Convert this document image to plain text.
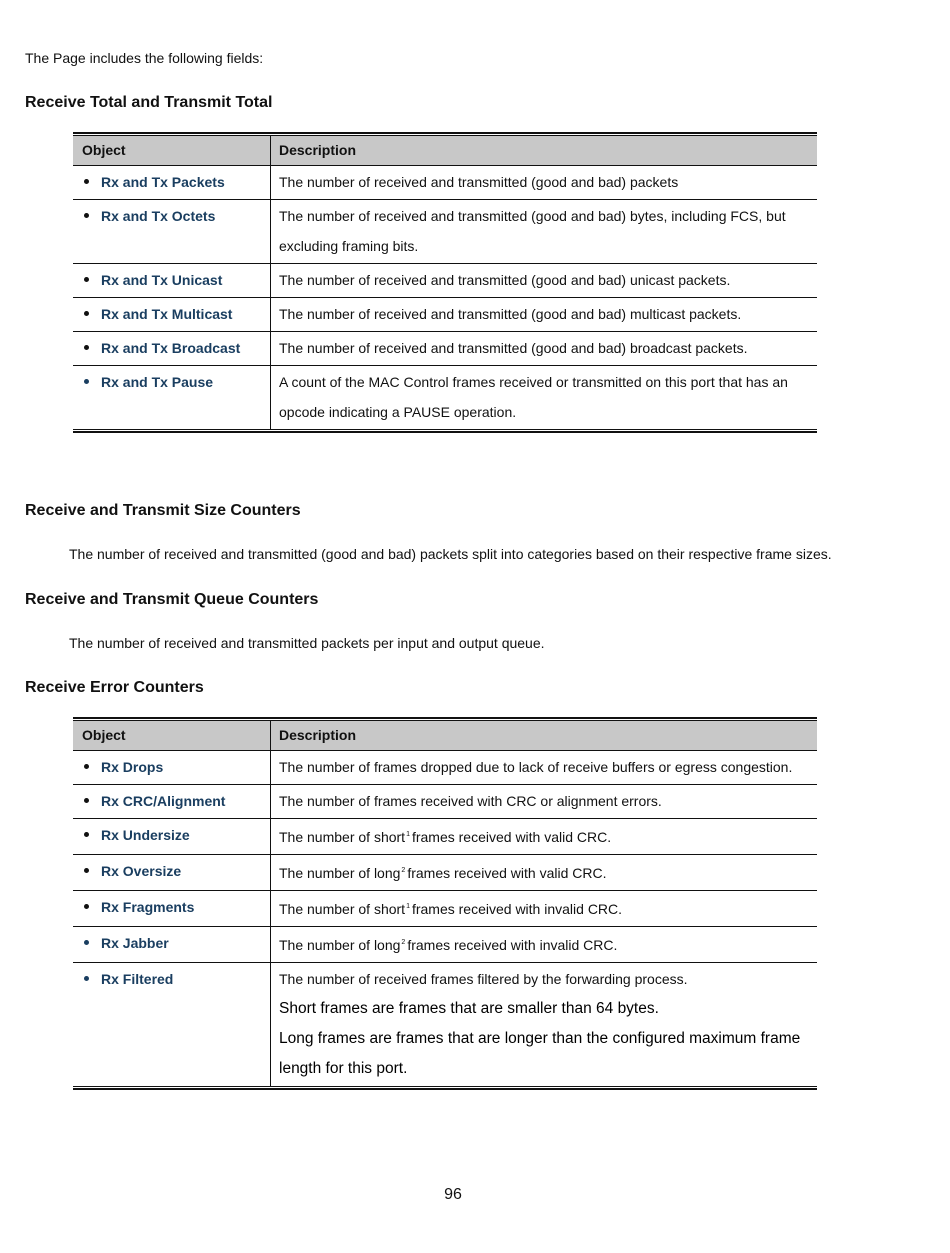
The Page includes the following fields:
Receive Total and Transmit Total
Object	Description
Rx and Tx Packets	The number of received and transmitted (good and bad) packets
Rx and Tx Octets	The number of received and transmitted (good and bad) bytes, including FCS, but excluding framing bits.
Rx and Tx Unicast	The number of received and transmitted (good and bad) unicast packets.
Rx and Tx Multicast	The number of received and transmitted (good and bad) multicast packets.
Rx and Tx Broadcast	The number of received and transmitted (good and bad) broadcast packets.
Rx and Tx Pause	A count of the MAC Control frames received or transmitted on this port that has an opcode indicating a PAUSE operation.
Receive and Transmit Size Counters
The number of received and transmitted (good and bad) packets split into categories based on their respective frame sizes.
Receive and Transmit Queue Counters
The number of received and transmitted packets per input and output queue.
Receive Error Counters
Object	Description
Rx Drops	The number of frames dropped due to lack of receive buffers or egress congestion.
Rx CRC/Alignment	The number of frames received with CRC or alignment errors.
Rx Undersize	The number of short$^1$ frames received with valid CRC.
Rx Oversize	The number of long$^2$ frames received with valid CRC.
Rx Fragments	The number of short$^1$ frames received with invalid CRC.
Rx Jabber	The number of long$^2$ frames received with invalid CRC.
Rx Filtered	The number of received frames filtered by the forwarding process.
Short frames are frames that are smaller than 64 bytes.
Long frames are frames that are longer than the configured maximum frame length for this port.
96
